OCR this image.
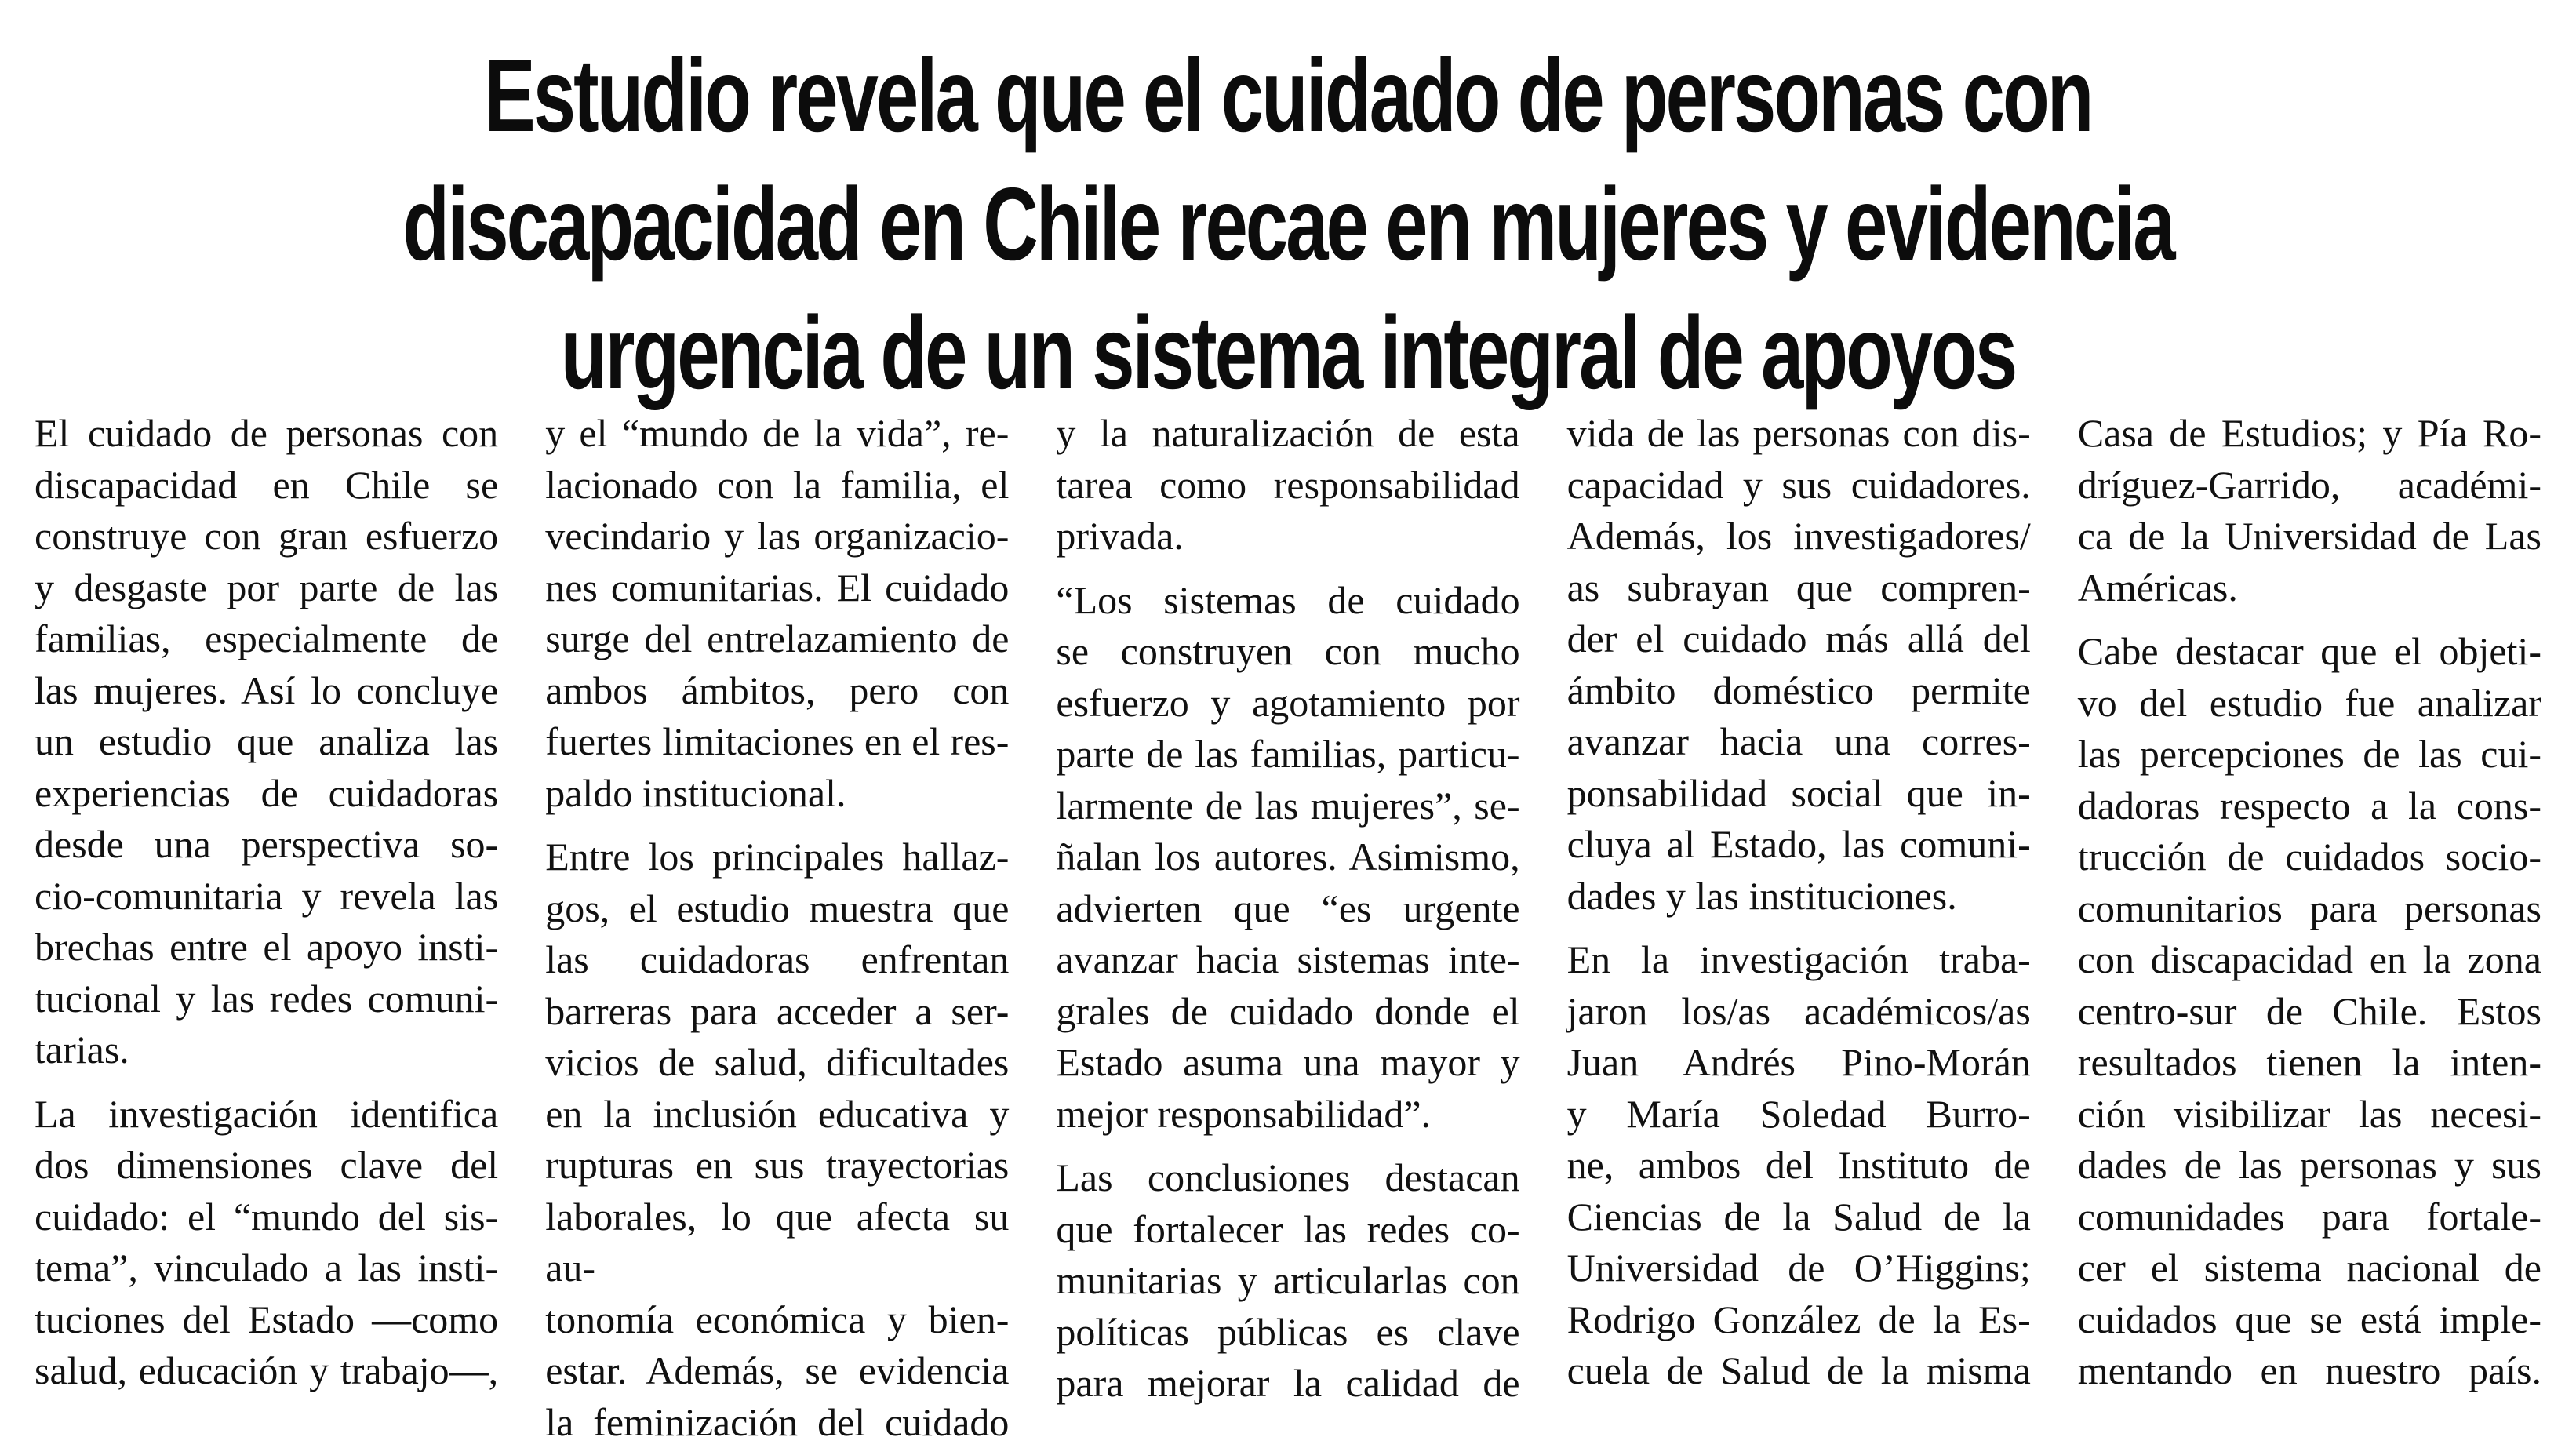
Estudio revela que el cuidado de personas con
discapacidad en Chile recae en mujeres y evidencia
urgencia de un sistema integral de apoyos
El cuidado de personas con
discapacidad en Chile se
construye con gran esfuerzo
y desgaste por parte de las
familias, especialmente de
las mujeres. Así lo concluye
un estudio que analiza las
experiencias de cuidadoras
desde una perspectiva so-
cio-comunitaria y revela las
brechas entre el apoyo insti-
tucional y las redes comuni-
tarias.
La investigación identifica
dos dimensiones clave del
cuidado: el “mundo del sis-
tema”, vinculado a las insti-
tuciones del Estado —como
salud, educación y trabajo—,
y el “mundo de la vida”, re-
lacionado con la familia, el
vecindario y las organizacio-
nes comunitarias. El cuidado
surge del entrelazamiento de
ambos ámbitos, pero con
fuertes limitaciones en el res-
paldo institucional.
Entre los principales hallaz-
gos, el estudio muestra que
las cuidadoras enfrentan
barreras para acceder a ser-
vicios de salud, dificultades
en la inclusión educativa y
rupturas en sus trayectorias
laborales, lo que afecta su au-
tonomía económica y bien-
estar. Además, se evidencia
la feminización del cuidado
y la naturalización de esta
tarea como responsabilidad
privada.
“Los sistemas de cuidado
se construyen con mucho
esfuerzo y agotamiento por
parte de las familias, particu-
larmente de las mujeres”, se-
ñalan los autores. Asimismo,
advierten que “es urgente
avanzar hacia sistemas inte-
grales de cuidado donde el
Estado asuma una mayor y
mejor responsabilidad”.
Las conclusiones destacan
que fortalecer las redes co-
munitarias y articularlas con
políticas públicas es clave
para mejorar la calidad de
vida de las personas con dis-
capacidad y sus cuidadores.
Además, los investigadores/
as subrayan que compren-
der el cuidado más allá del
ámbito doméstico permite
avanzar hacia una corres-
ponsabilidad social que in-
cluya al Estado, las comuni-
dades y las instituciones.
En la investigación traba-
jaron los/as académicos/as
Juan Andrés Pino-Morán
y María Soledad Burro-
ne, ambos del Instituto de
Ciencias de la Salud de la
Universidad de O’Higgins;
Rodrigo González de la Es-
cuela de Salud de la misma
Casa de Estudios; y Pía Ro-
dríguez-Garrido, académi-
ca de la Universidad de Las
Américas.
Cabe destacar que el objeti-
vo del estudio fue analizar
las percepciones de las cui-
dadoras respecto a la cons-
trucción de cuidados socio-
comunitarios para personas
con discapacidad en la zona
centro-sur de Chile. Estos
resultados tienen la inten-
ción visibilizar las necesi-
dades de las personas y sus
comunidades para fortale-
cer el sistema nacional de
cuidados que se está imple-
mentando en nuestro país.
